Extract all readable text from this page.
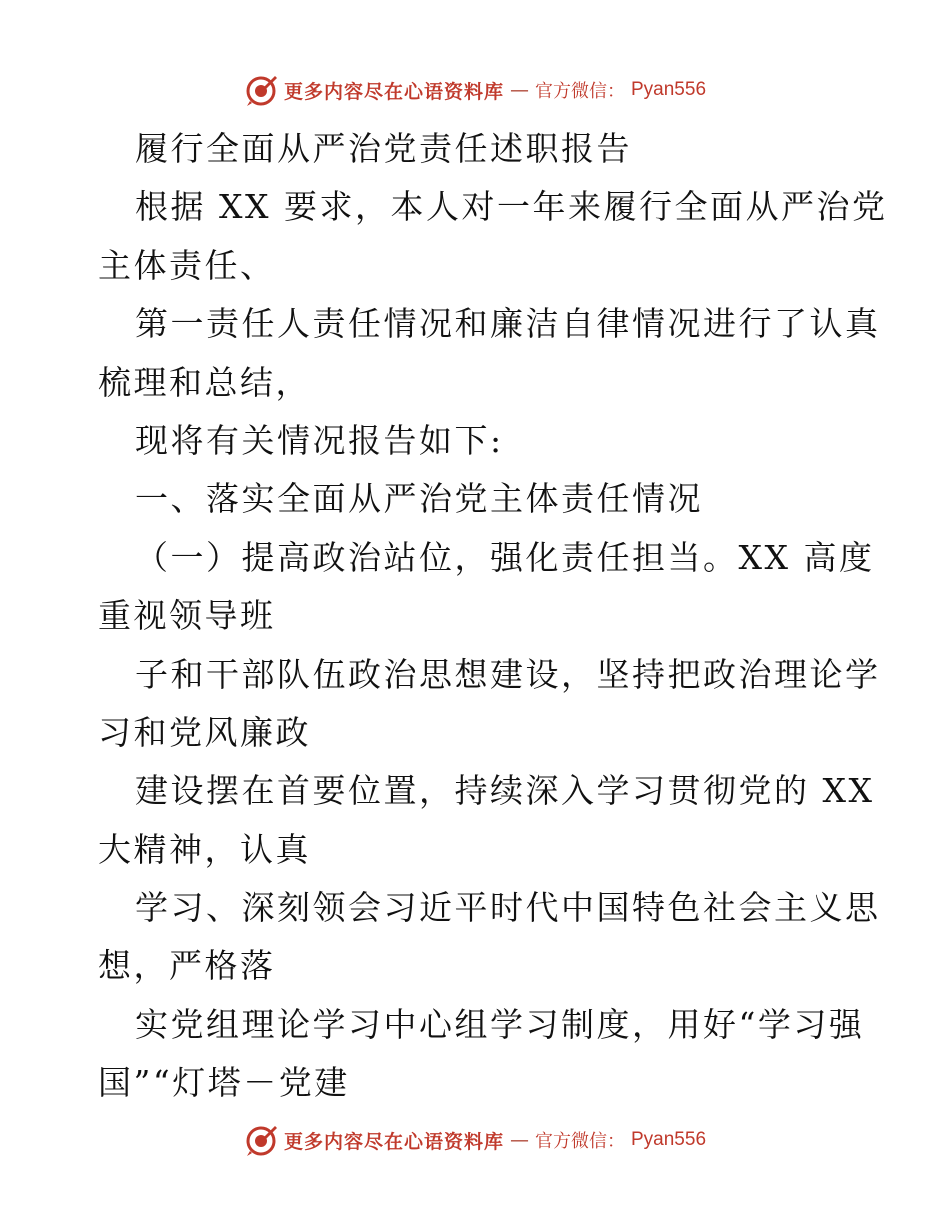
更多内容尽在心语资料库 — 官方微信： Pyan556
履行全面从严治党责任述职报告
根据 XX 要求，本人对一年来履行全面从严治党
主体责任、
第一责任人责任情况和廉洁自律情况进行了认真
梳理和总结，
现将有关情况报告如下:
一、落实全面从严治党主体责任情况
（一）提高政治站位，强化责任担当。XX 高度
重视领导班
子和干部队伍政治思想建设，坚持把政治理论学
习和党风廉政
建设摆在首要位置，持续深入学习贯彻党的 XX
大精神，认真
学习、深刻领会习近平时代中国特色社会主义思
想，严格落
实党组理论学习中心组学习制度，用好“学习强
国”“灯塔－党建
更多内容尽在心语资料库 — 官方微信： Pyan556
